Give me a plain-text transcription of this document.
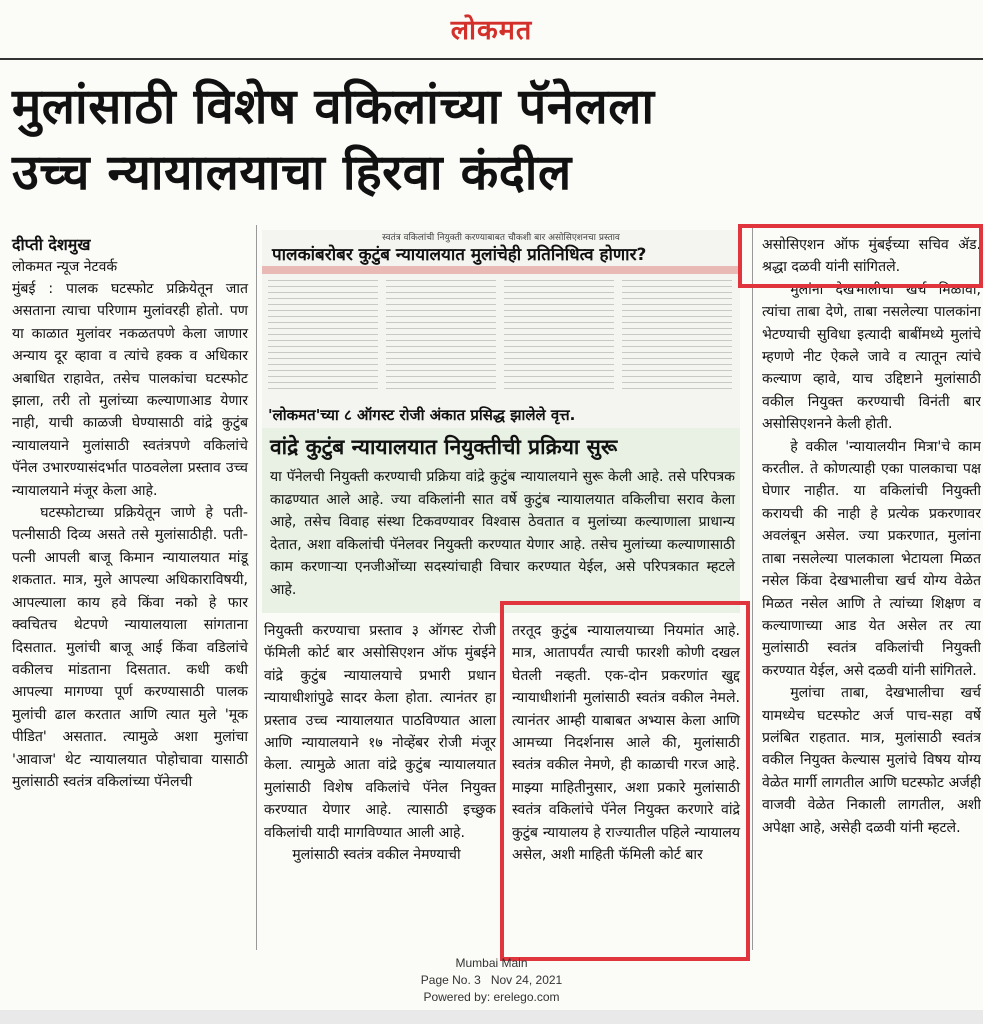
लोकमत
मुलांसाठी विशेष वकिलांच्या पॅनेलला
उच्च न्यायालयाचा हिरवा कंदील
दीप्ती देशमुख
लोकमत न्यूज नेटवर्क

मुंबई : पालक घटस्फोट प्रक्रियेतून जात असताना त्याचा परिणाम मुलांवरही होतो. पण या काळात मुलांवर नकळतपणे केला जाणार अन्याय दूर व्हावा व त्यांचे हक्क व अधिकार अबाधित राहावेत, तसेच पालकांचा घटस्फोट झाला, तरी तो मुलांच्या कल्याणाआड येणार नाही, याची काळजी घेण्यासाठी वांद्रे कुटुंब न्यायालयाने मुलांसाठी स्वतंत्रपणे वकिलांचे पॅनेल उभारण्यासंदर्भात पाठवलेला प्रस्ताव उच्च न्यायालयाने मंजूर केला आहे.

घटस्फोटाच्या प्रक्रियेतून जाणे हे पती-पत्नीसाठी दिव्य असते तसे मुलांसाठीही. पती-पत्नी आपली बाजू किमान न्यायालयात मांडू शकतात. मात्र, मुले आपल्या अधिकाराविषयी, आपल्याला काय हवे किंवा नको हे फार क्वचितच थेटपणे न्यायालयाला सांगताना दिसतात. मुलांची बाजू आई किंवा वडिलांचे वकीलच मांडताना दिसतात. कधी कधी आपल्या मागण्या पूर्ण करण्यासाठी पालक मुलांची ढाल करतात आणि त्यात मुले 'मूक पीडित' असतात. त्यामुळे अशा मुलांचा 'आवाज' थेट न्यायालयात पोहोचावा यासाठी मुलांसाठी स्वतंत्र वकिलांच्या पॅनेलची

स्वतंत्र वकिलांची नियुक्ती करण्याबाबत चौकशी बार असोसिएशनचा प्रस्ताव
पालकांबरोबर कुटुंब न्यायालयात मुलांचेही प्रतिनिधित्व होणार?
'लोकमत'च्या ८ ऑगस्ट रोजी अंकात प्रसिद्ध झालेले वृत्त.
वांद्रे कुटुंब न्यायालयात नियुक्तीची प्रक्रिया सुरू
या पॅनेलची नियुक्ती करण्याची प्रक्रिया वांद्रे कुटुंब न्यायालयाने सुरू केली आहे. तसे परिपत्रक काढण्यात आले आहे. ज्या वकिलांनी सात वर्षे कुटुंब न्यायालयात वकिलीचा सराव केला आहे, तसेच विवाह संस्था टिकवण्यावर विश्वास ठेवतात व मुलांच्या कल्याणाला प्राधान्य देतात, अशा वकिलांची पॅनेलवर नियुक्ती करण्यात येणार आहे. तसेच मुलांच्या कल्याणासाठी काम करणाऱ्या एनजीओंच्या सदस्यांचाही विचार करण्यात येईल, असे परिपत्रकात म्हटले आहे.

नियुक्ती करण्याचा प्रस्ताव ३ ऑगस्ट रोजी फॅमिली कोर्ट बार असोसिएशन ऑफ मुंबईने वांद्रे कुटुंब न्यायालयाचे प्रभारी प्रधान न्यायाधीशांपुढे सादर केला होता. त्यानंतर हा प्रस्ताव उच्च न्यायालयात पाठविण्यात आला आणि न्यायालयाने १७ नोव्हेंबर रोजी मंजूर केला. त्यामुळे आता वांद्रे कुटुंब न्यायालयात मुलांसाठी विशेष वकिलांचे पॅनेल नियुक्त करण्यात येणार आहे. त्यासाठी इच्छुक वकिलांची यादी मागविण्यात आली आहे.

मुलांसाठी स्वतंत्र वकील नेमण्याची

तरतूद कुटुंब न्यायालयाच्या नियमांत आहे. मात्र, आतापर्यंत त्याची फारशी कोणी दखल घेतली नव्हती. एक-दोन प्रकरणांत खुद्द न्यायाधीशांनी मुलांसाठी स्वतंत्र वकील नेमले. त्यानंतर आम्ही याबाबत अभ्यास केला आणि आमच्या निदर्शनास आले की, मुलांसाठी स्वतंत्र वकील नेमणे, ही काळाची गरज आहे. माझ्या माहितीनुसार, अशा प्रकारे मुलांसाठी स्वतंत्र वकिलांचे पॅनेल नियुक्त करणारे वांद्रे कुटुंब न्यायालय हे राज्यातील पहिले न्यायालय असेल, अशी माहिती फॅमिली कोर्ट बार

असोसिएशन ऑफ मुंबईच्या सचिव ॲड. श्रद्धा दळवी यांनी सांगितले.

मुलांना देखभालीचा खर्च मिळावा, त्यांचा ताबा देणे, ताबा नसलेल्या पालकांना भेटण्याची सुविधा इत्यादी बाबींमध्ये मुलांचे म्हणणे नीट ऐकले जावे व त्यातून त्यांचे कल्याण व्हावे, याच उद्दिष्टाने मुलांसाठी वकील नियुक्त करण्याची विनंती बार असोसिएशनने केली होती.

हे वकील 'न्यायालयीन मित्रा'चे काम करतील. ते कोणत्याही एका पालकाचा पक्ष घेणार नाहीत. या वकिलांची नियुक्ती करायची की नाही हे प्रत्येक प्रकरणावर अवलंबून असेल. ज्या प्रकरणात, मुलांना ताबा नसलेल्या पालकाला भेटायला मिळत नसेल किंवा देखभालीचा खर्च योग्य वेळेत मिळत नसेल आणि ते त्यांच्या शिक्षण व कल्याणाच्या आड येत असेल तर त्या मुलांसाठी स्वतंत्र वकिलांची नियुक्ती करण्यात येईल, असे दळवी यांनी सांगितले.

मुलांचा ताबा, देखभालीचा खर्च यामध्येच घटस्फोट अर्ज पाच-सहा वर्षे प्रलंबित राहतात. मात्र, मुलांसाठी स्वतंत्र वकील नियुक्त केल्यास मुलांचे विषय योग्य वेळेत मार्गी लागतील आणि घटस्फोट अर्जही वाजवी वेळेत निकाली लागतील, अशी अपेक्षा आहे, असेही दळवी यांनी म्हटले.

Mumbai Main
Page No. 3 Nov 24, 2021
Powered by: erelego.com
